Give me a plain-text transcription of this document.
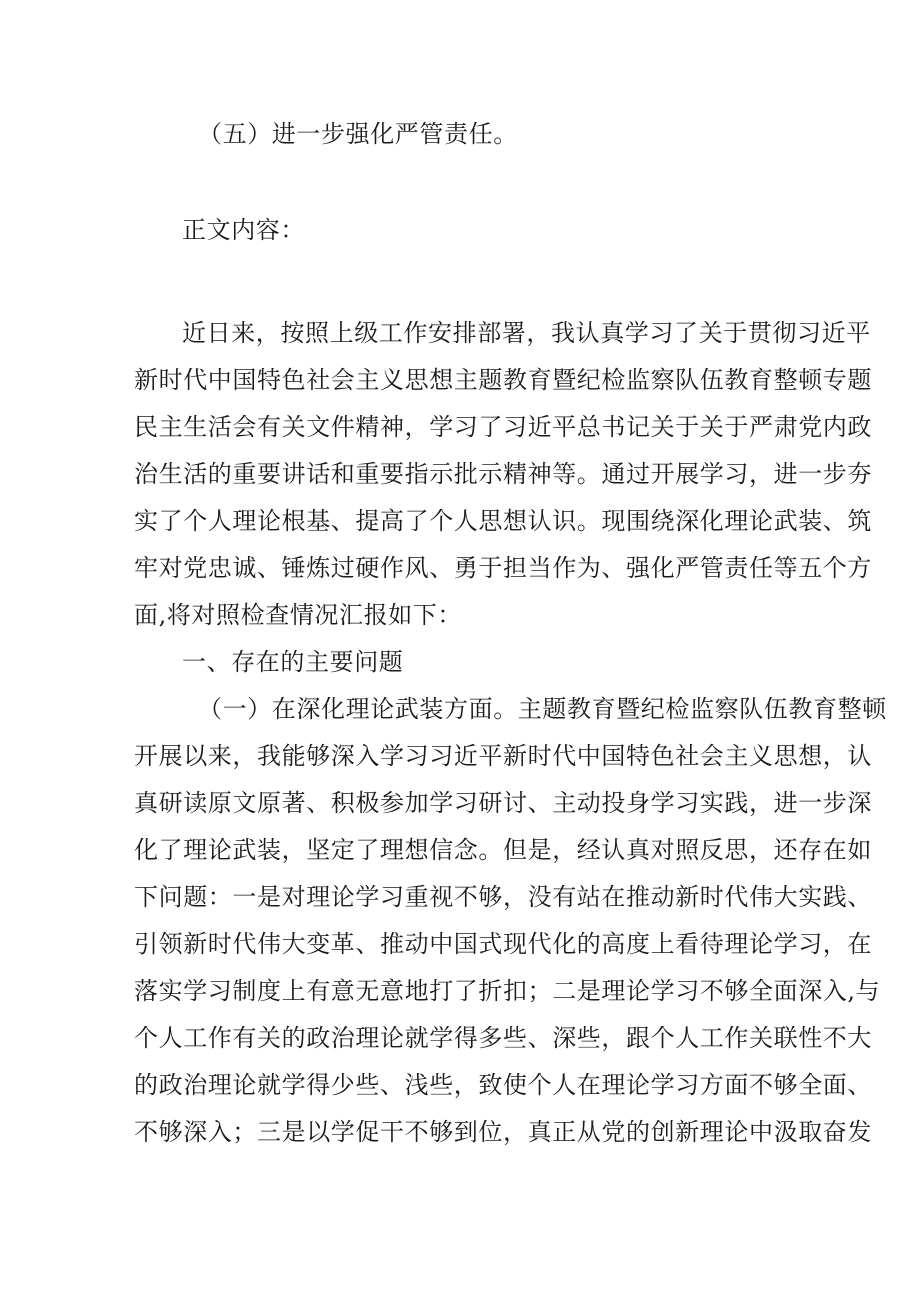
（五）进一步强化严管责任。
正文内容：
近日来，按照上级工作安排部署，我认真学习了关于贯彻习近平
新时代中国特色社会主义思想主题教育暨纪检监察队伍教育整顿专题
民主生活会有关文件精神，学习了习近平总书记关于关于严肃党内政
治生活的重要讲话和重要指示批示精神等。通过开展学习，进一步夯
实了个人理论根基、提高了个人思想认识。现围绕深化理论武装、筑
牢对党忠诚、锤炼过硬作风、勇于担当作为、强化严管责任等五个方
面,将对照检查情况汇报如下：
一、存在的主要问题
（一）在深化理论武装方面。主题教育暨纪检监察队伍教育整顿
开展以来，我能够深入学习习近平新时代中国特色社会主义思想，认
真研读原文原著、积极参加学习研讨、主动投身学习实践，进一步深
化了理论武装，坚定了理想信念。但是，经认真对照反思，还存在如
下问题：一是对理论学习重视不够，没有站在推动新时代伟大实践、
引领新时代伟大变革、推动中国式现代化的高度上看待理论学习，在
落实学习制度上有意无意地打了折扣；二是理论学习不够全面深入,与
个人工作有关的政治理论就学得多些、深些，跟个人工作关联性不大
的政治理论就学得少些、浅些，致使个人在理论学习方面不够全面、
不够深入；三是以学促干不够到位，真正从党的创新理论中汲取奋发
